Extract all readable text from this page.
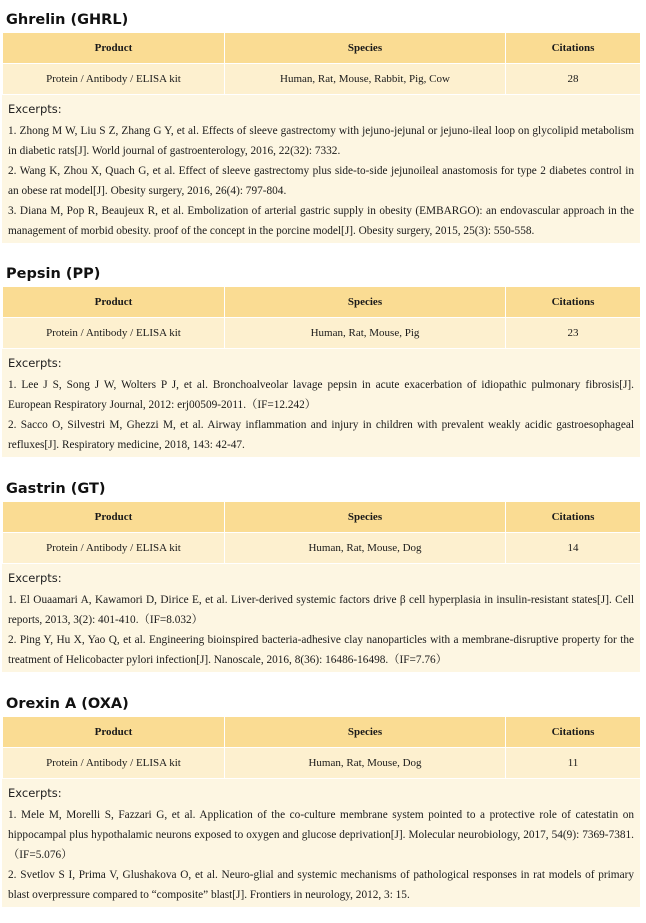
Ghrelin (GHRL)
Product	Species	Citations
Protein / Antibody / ELISA kit	Human, Rat, Mouse, Rabbit, Pig, Cow	28
Excerpts:

1. Zhong M W, Liu S Z, Zhang G Y, et al. Effects of sleeve gastrectomy with jejuno-jejunal or jejuno-ileal loop on glycolipid metabolism in diabetic rats[J]. World journal of gastroenterology, 2016, 22(32): 7332.

2. Wang K, Zhou X, Quach G, et al. Effect of sleeve gastrectomy plus side-to-side jejunoileal anastomosis for type 2 diabetes control in an obese rat model[J]. Obesity surgery, 2016, 26(4): 797-804.

3. Diana M, Pop R, Beaujeux R, et al. Embolization of arterial gastric supply in obesity (EMBARGO): an endovascular approach in the management of morbid obesity. proof of the concept in the porcine model[J]. Obesity surgery, 2015, 25(3): 550-558.

Pepsin (PP)
Product	Species	Citations
Protein / Antibody / ELISA kit	Human, Rat, Mouse, Pig	23
Excerpts:

1. Lee J S, Song J W, Wolters P J, et al. Bronchoalveolar lavage pepsin in acute exacerbation of idiopathic pulmonary fibrosis[J]. European Respiratory Journal, 2012: erj00509-2011.（IF=12.242）

2. Sacco O, Silvestri M, Ghezzi M, et al. Airway inflammation and injury in children with prevalent weakly acidic gastroesophageal refluxes[J]. Respiratory medicine, 2018, 143: 42-47.

Gastrin (GT)
Product	Species	Citations
Protein / Antibody / ELISA kit	Human, Rat, Mouse, Dog	14
Excerpts:

1. El Ouaamari A, Kawamori D, Dirice E, et al. Liver-derived systemic factors drive β cell hyperplasia in insulin-resistant states[J]. Cell reports, 2013, 3(2): 401-410.（IF=8.032）

2. Ping Y, Hu X, Yao Q, et al. Engineering bioinspired bacteria-adhesive clay nanoparticles with a membrane-disruptive property for the treatment of Helicobacter pylori infection[J]. Nanoscale, 2016, 8(36): 16486-16498.（IF=7.76）

Orexin A (OXA)
Product	Species	Citations
Protein / Antibody / ELISA kit	Human, Rat, Mouse, Dog	11
Excerpts:

1. Mele M, Morelli S, Fazzari G, et al. Application of the co-culture membrane system pointed to a protective role of catestatin on hippocampal plus hypothalamic neurons exposed to oxygen and glucose deprivation[J]. Molecular neurobiology, 2017, 54(9): 7369-7381.（IF=5.076）

2. Svetlov S I, Prima V, Glushakova O, et al. Neuro-glial and systemic mechanisms of pathological responses in rat models of primary blast overpressure compared to “composite” blast[J]. Frontiers in neurology, 2012, 3: 15.
